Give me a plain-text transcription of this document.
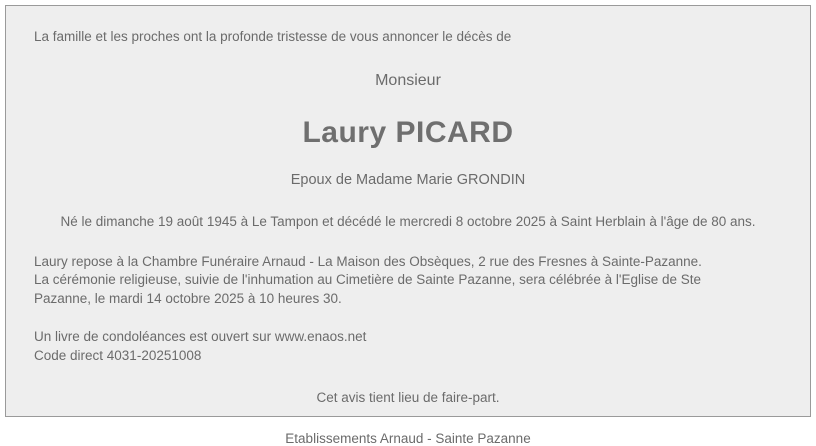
La famille et les proches ont la profonde tristesse de vous annoncer le décès de

Monsieur

Laury PICARD

Epoux de Madame Marie GRONDIN

Né le dimanche 19 août 1945 à Le Tampon et décédé le mercredi 8 octobre 2025 à Saint Herblain à l'âge de 80 ans.

Laury repose à la Chambre Funéraire Arnaud - La Maison des Obsèques, 2 rue des Fresnes à Sainte-Pazanne.
La cérémonie religieuse, suivie de l'inhumation au Cimetière de Sainte Pazanne, sera célébrée à l'Eglise de Ste
Pazanne, le mardi 14 octobre 2025 à 10 heures 30.
Un livre de condoléances est ouvert sur www.enaos.net
Code direct 4031-20251008

Cet avis tient lieu de faire-part.

Etablissements Arnaud - Sainte Pazanne
